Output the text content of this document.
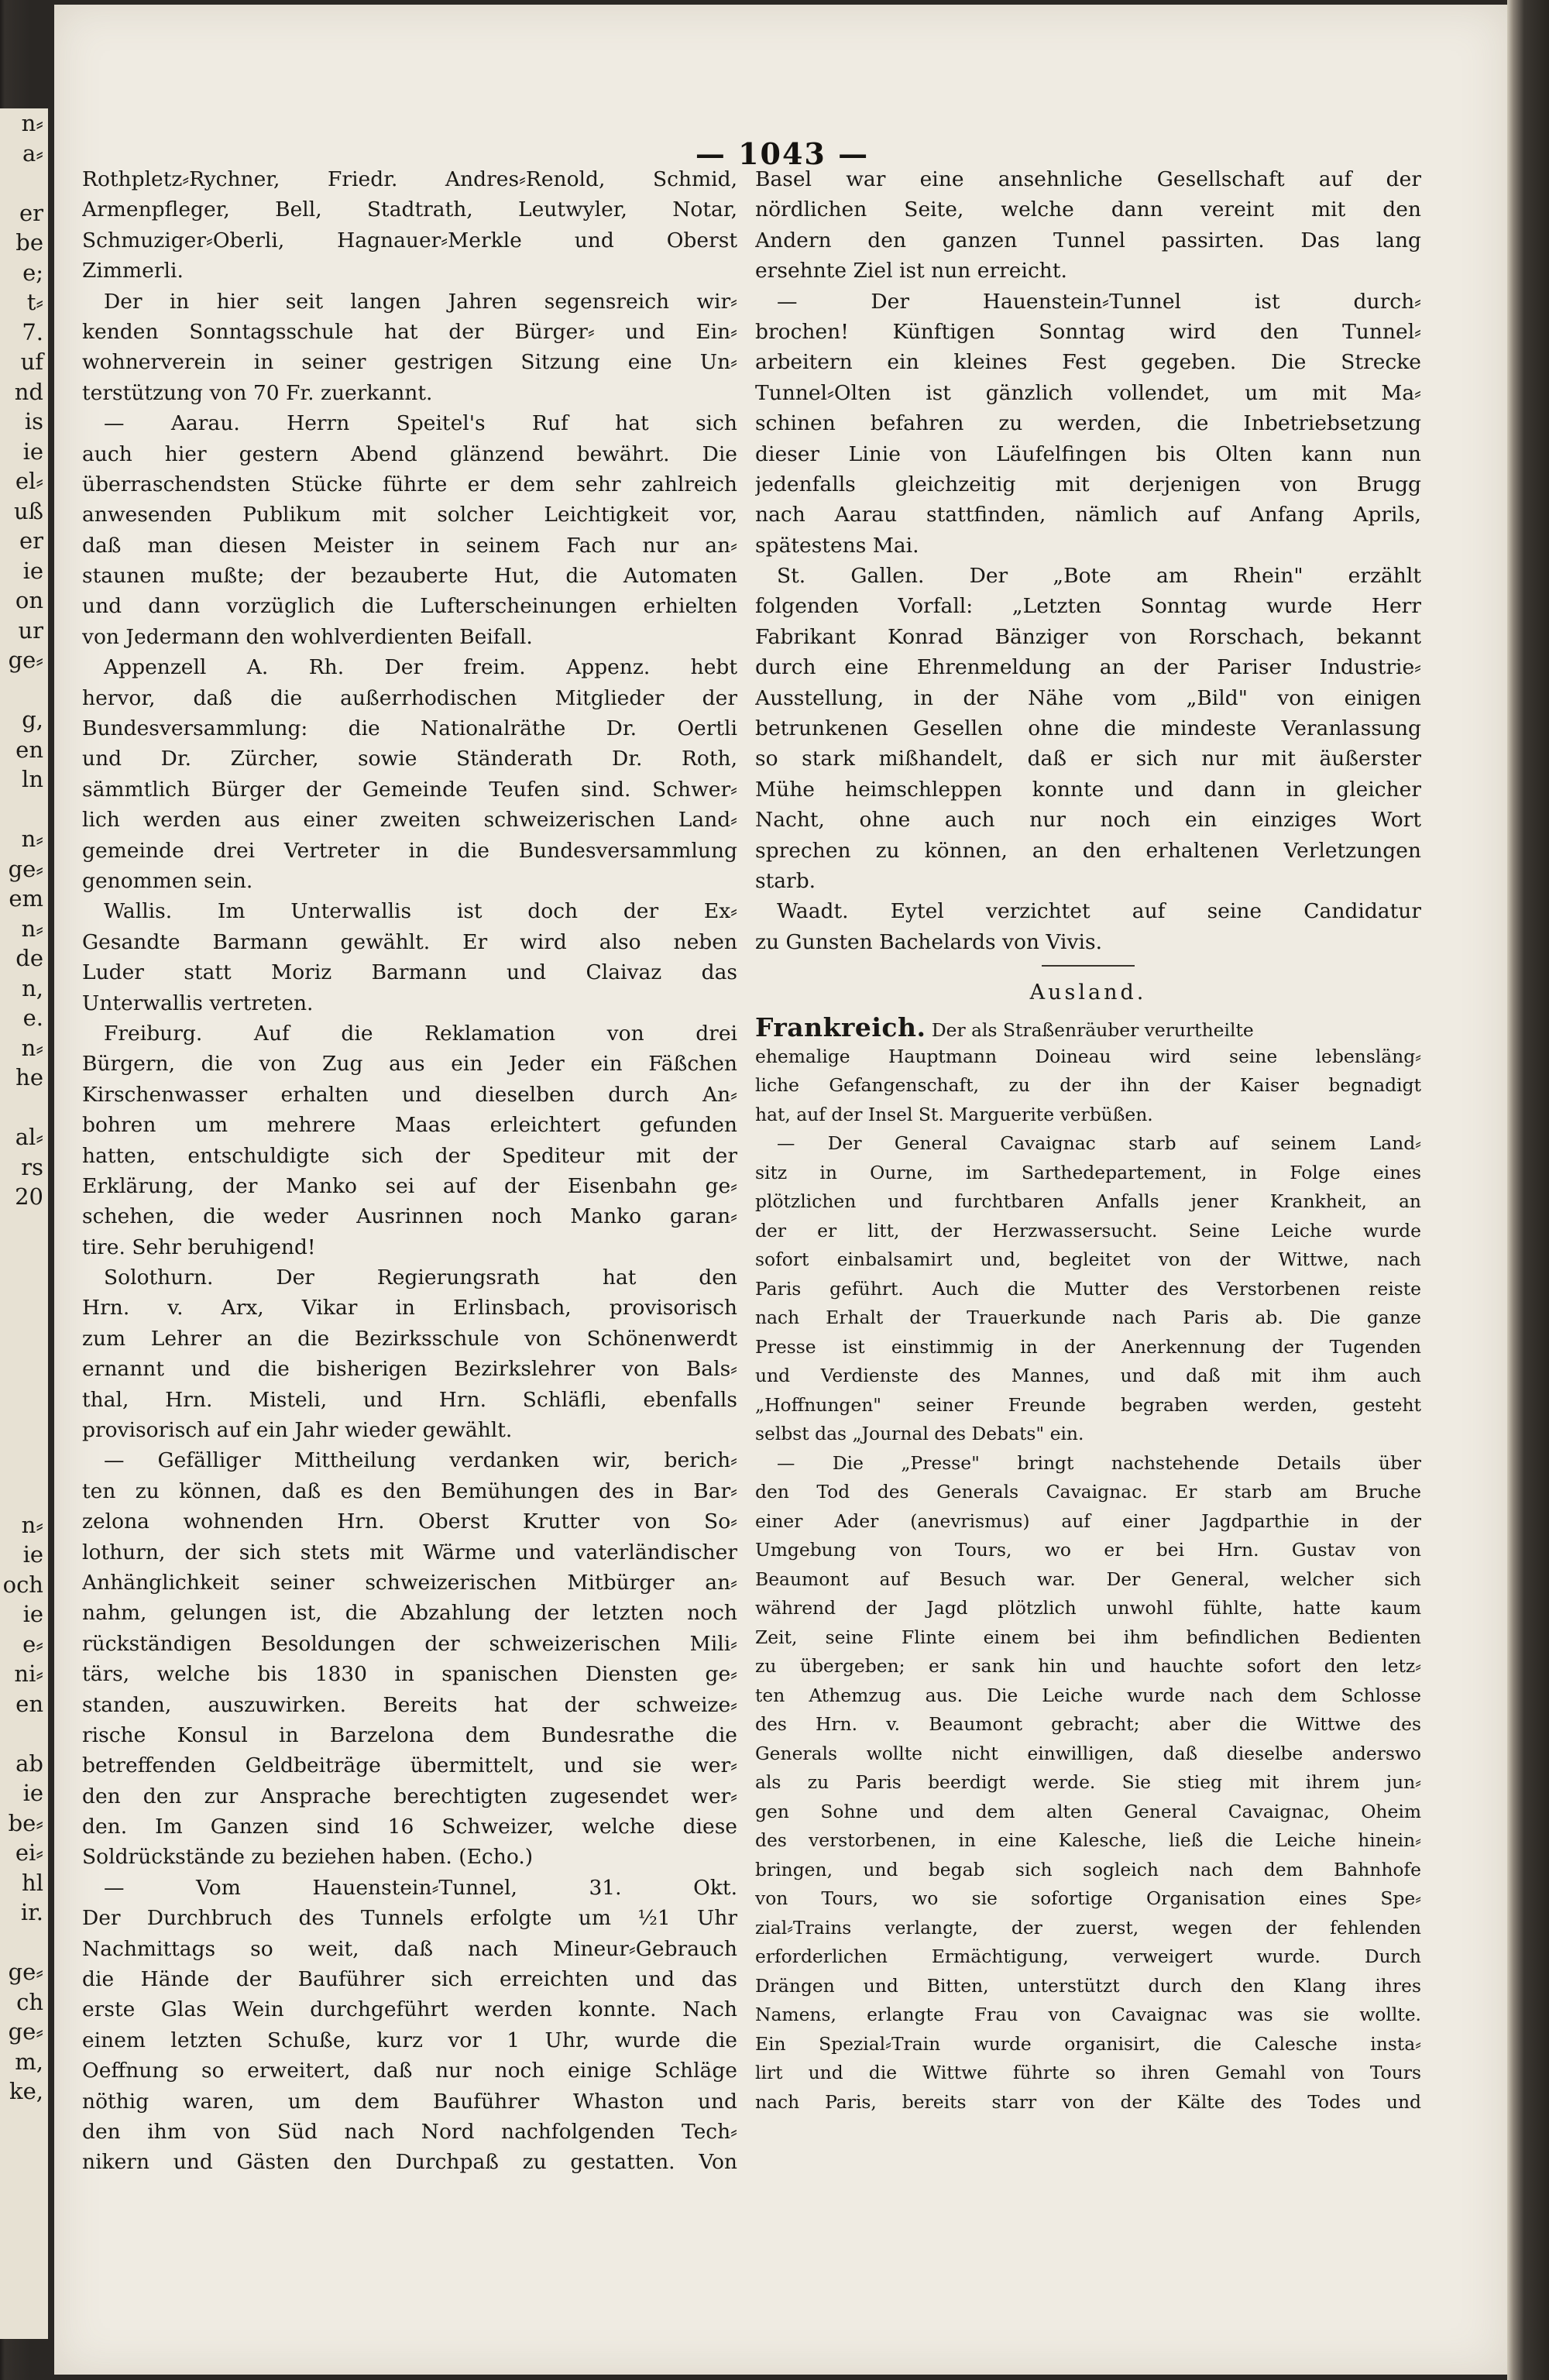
n⸗
a⸗

er
be
e;
t⸗
7.
uf
nd
is
ie
el⸗
uß
er
ie
on
ur
ge⸗

g,
en
ln

n⸗
ge⸗
em
n⸗
de
n,
e.
n⸗
he

al⸗
rs
20

n⸗
ie
och
ie
e⸗
ni⸗
en

ab
ie
be⸗
ei⸗
hl
ir.

ge⸗
ch
ge⸗
m,
ke,
— 1043 —
Rothpletz⸗Rychner, Friedr. Andres⸗Renold, Schmid,
Armenpfleger, Bell, Stadtrath, Leutwyler, Notar,
Schmuziger⸗Oberli, Hagnauer⸗Merkle und Oberst
Zimmerli.
Der in hier seit langen Jahren segensreich wir⸗
kenden Sonntagsschule hat der Bürger⸗ und Ein⸗
wohnerverein in seiner gestrigen Sitzung eine Un⸗
terstützung von 70 Fr. zuerkannt.
— Aarau. Herrn Speitel's Ruf hat sich
auch hier gestern Abend glänzend bewährt. Die
überraschendsten Stücke führte er dem sehr zahlreich
anwesenden Publikum mit solcher Leichtigkeit vor,
daß man diesen Meister in seinem Fach nur an⸗
staunen mußte; der bezauberte Hut, die Automaten
und dann vorzüglich die Lufterscheinungen erhielten
von Jedermann den wohlverdienten Beifall.
Appenzell A. Rh. Der freim. Appenz. hebt
hervor, daß die außerrhodischen Mitglieder der
Bundesversammlung: die Nationalräthe Dr. Oertli
und Dr. Zürcher, sowie Ständerath Dr. Roth,
sämmtlich Bürger der Gemeinde Teufen sind. Schwer⸗
lich werden aus einer zweiten schweizerischen Land⸗
gemeinde drei Vertreter in die Bundesversammlung
genommen sein.
Wallis. Im Unterwallis ist doch der Ex⸗
Gesandte Barmann gewählt. Er wird also neben
Luder statt Moriz Barmann und Claivaz das
Unterwallis vertreten.
Freiburg. Auf die Reklamation von drei
Bürgern, die von Zug aus ein Jeder ein Fäßchen
Kirschenwasser erhalten und dieselben durch An⸗
bohren um mehrere Maas erleichtert gefunden
hatten, entschuldigte sich der Spediteur mit der
Erklärung, der Manko sei auf der Eisenbahn ge⸗
schehen, die weder Ausrinnen noch Manko garan⸗
tire. Sehr beruhigend!
Solothurn. Der Regierungsrath hat den
Hrn. v. Arx, Vikar in Erlinsbach, provisorisch
zum Lehrer an die Bezirksschule von Schönenwerdt
ernannt und die bisherigen Bezirkslehrer von Bals⸗
thal, Hrn. Misteli, und Hrn. Schläfli, ebenfalls
provisorisch auf ein Jahr wieder gewählt.
— Gefälliger Mittheilung verdanken wir, berich⸗
ten zu können, daß es den Bemühungen des in Bar⸗
zelona wohnenden Hrn. Oberst Krutter von So⸗
lothurn, der sich stets mit Wärme und vaterländischer
Anhänglichkeit seiner schweizerischen Mitbürger an⸗
nahm, gelungen ist, die Abzahlung der letzten noch
rückständigen Besoldungen der schweizerischen Mili⸗
tärs, welche bis 1830 in spanischen Diensten ge⸗
standen, auszuwirken. Bereits hat der schweize⸗
rische Konsul in Barzelona dem Bundesrathe die
betreffenden Geldbeiträge übermittelt, und sie wer⸗
den den zur Ansprache berechtigten zugesendet wer⸗
den. Im Ganzen sind 16 Schweizer, welche diese
Soldrückstände zu beziehen haben. (Echo.)
— Vom Hauenstein⸗Tunnel, 31. Okt.
Der Durchbruch des Tunnels erfolgte um ½1 Uhr
Nachmittags so weit, daß nach Mineur⸗Gebrauch
die Hände der Bauführer sich erreichten und das
erste Glas Wein durchgeführt werden konnte. Nach
einem letzten Schuße, kurz vor 1 Uhr, wurde die
Oeffnung so erweitert, daß nur noch einige Schläge
nöthig waren, um dem Bauführer Whaston und
den ihm von Süd nach Nord nachfolgenden Tech⸗
nikern und Gästen den Durchpaß zu gestatten. Von
Basel war eine ansehnliche Gesellschaft auf der
nördlichen Seite, welche dann vereint mit den
Andern den ganzen Tunnel passirten. Das lang
ersehnte Ziel ist nun erreicht.
— Der Hauenstein⸗Tunnel ist durch⸗
brochen! Künftigen Sonntag wird den Tunnel⸗
arbeitern ein kleines Fest gegeben. Die Strecke
Tunnel⸗Olten ist gänzlich vollendet, um mit Ma⸗
schinen befahren zu werden, die Inbetriebsetzung
dieser Linie von Läufelfingen bis Olten kann nun
jedenfalls gleichzeitig mit derjenigen von Brugg
nach Aarau stattfinden, nämlich auf Anfang Aprils,
spätestens Mai.
St. Gallen. Der „Bote am Rhein" erzählt
folgenden Vorfall: „Letzten Sonntag wurde Herr
Fabrikant Konrad Bänziger von Rorschach, bekannt
durch eine Ehrenmeldung an der Pariser Industrie⸗
Ausstellung, in der Nähe vom „Bild" von einigen
betrunkenen Gesellen ohne die mindeste Veranlassung
so stark mißhandelt, daß er sich nur mit äußerster
Mühe heimschleppen konnte und dann in gleicher
Nacht, ohne auch nur noch ein einziges Wort
sprechen zu können, an den erhaltenen Verletzungen
starb.
Waadt. Eytel verzichtet auf seine Candidatur
zu Gunsten Bachelards von Vivis.
Ausland.
Frankreich. Der als Straßenräuber verurtheilte
ehemalige Hauptmann Doineau wird seine lebensläng⸗
liche Gefangenschaft, zu der ihn der Kaiser begnadigt
hat, auf der Insel St. Marguerite verbüßen.
— Der General Cavaignac starb auf seinem Land⸗
sitz in Ourne, im Sarthedepartement, in Folge eines
plötzlichen und furchtbaren Anfalls jener Krankheit, an
der er litt, der Herzwassersucht. Seine Leiche wurde
sofort einbalsamirt und, begleitet von der Wittwe, nach
Paris geführt. Auch die Mutter des Verstorbenen reiste
nach Erhalt der Trauerkunde nach Paris ab. Die ganze
Presse ist einstimmig in der Anerkennung der Tugenden
und Verdienste des Mannes, und daß mit ihm auch
„Hoffnungen" seiner Freunde begraben werden, gesteht
selbst das „Journal des Debats" ein.
— Die „Presse" bringt nachstehende Details über
den Tod des Generals Cavaignac. Er starb am Bruche
einer Ader (anevrismus) auf einer Jagdparthie in der
Umgebung von Tours, wo er bei Hrn. Gustav von
Beaumont auf Besuch war. Der General, welcher sich
während der Jagd plötzlich unwohl fühlte, hatte kaum
Zeit, seine Flinte einem bei ihm befindlichen Bedienten
zu übergeben; er sank hin und hauchte sofort den letz⸗
ten Athemzug aus. Die Leiche wurde nach dem Schlosse
des Hrn. v. Beaumont gebracht; aber die Wittwe des
Generals wollte nicht einwilligen, daß dieselbe anderswo
als zu Paris beerdigt werde. Sie stieg mit ihrem jun⸗
gen Sohne und dem alten General Cavaignac, Oheim
des verstorbenen, in eine Kalesche, ließ die Leiche hinein⸗
bringen, und begab sich sogleich nach dem Bahnhofe
von Tours, wo sie sofortige Organisation eines Spe⸗
zial⸗Trains verlangte, der zuerst, wegen der fehlenden
erforderlichen Ermächtigung, verweigert wurde. Durch
Drängen und Bitten, unterstützt durch den Klang ihres
Namens, erlangte Frau von Cavaignac was sie wollte.
Ein Spezial⸗Train wurde organisirt, die Calesche insta⸗
lirt und die Wittwe führte so ihren Gemahl von Tours
nach Paris, bereits starr von der Kälte des Todes und
